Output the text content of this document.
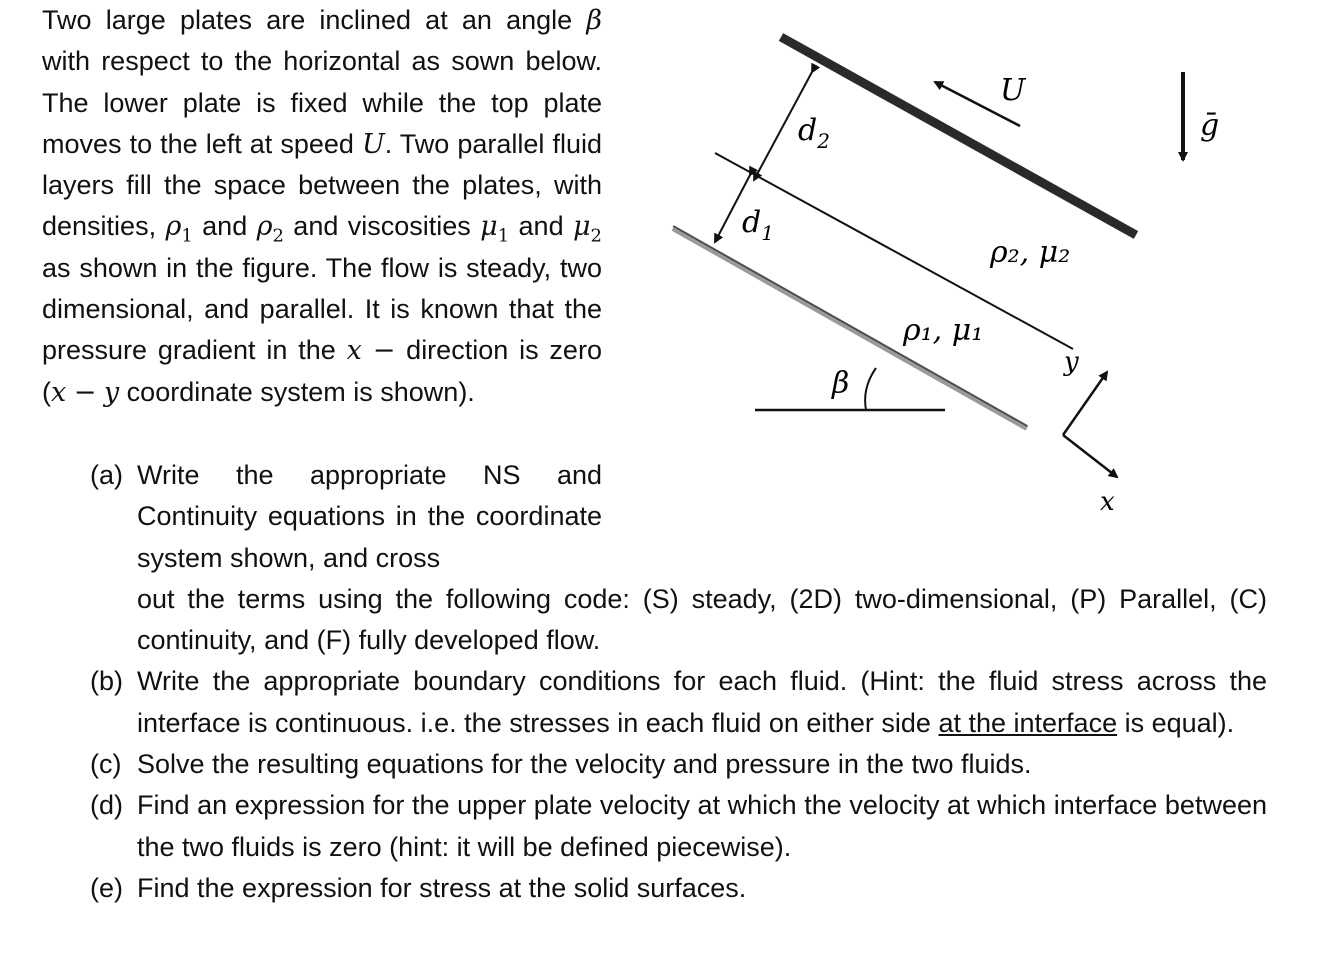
Two large plates are inclined at an angle β with respect to the horizontal as sown below. The lower plate is fixed while the top plate moves to the left at speed U. Two parallel fluid layers fill the space between the plates, with densities, $\rho_1$ and $\rho_2$ and viscosities $\mu_1$ and $\mu_2$ as shown in the figure. The flow is steady, two dimensional, and parallel. It is known that the pressure gradient in the x − direction is zero (x − y coordinate system is shown).
(a) Write the appropriate NS and Continuity equations in the coordinate system shown, and cross
out the terms using the following code: (S) steady, (2D) two-dimensional, (P) Parallel, (C) continuity, and (F) fully developed flow.
(b) Write the appropriate boundary conditions for each fluid. (Hint: the fluid stress across the interface is continuous. i.e. the stresses in each fluid on either side at the interface is equal).
(c) Solve the resulting equations for the velocity and pressure in the two fluids.
(d) Find an expression for the upper plate velocity at which the velocity at which interface between the two fluids is zero (hint: it will be defined piecewise).
(e) Find the expression for stress at the solid surfaces.
U
ḡ
$d_2$
$d_1$
ρ₂, μ₂
ρ₁, μ₁
β
y
x
